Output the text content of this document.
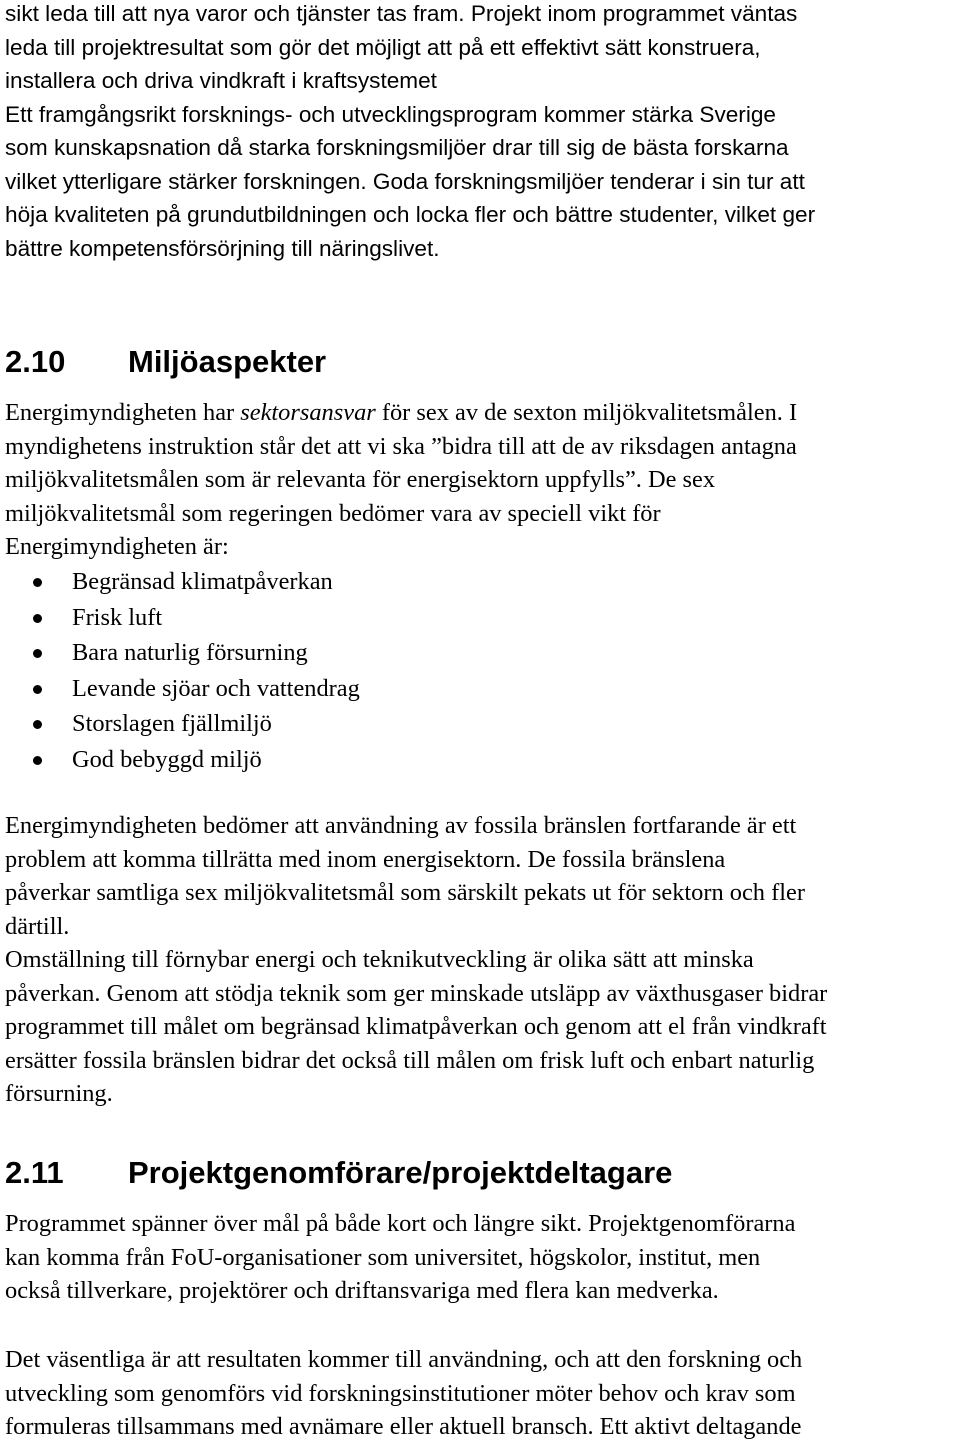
sikt leda till att nya varor och tjänster tas fram. Projekt inom programmet väntas
leda till projektresultat som gör det möjligt att på ett effektivt sätt konstruera,
installera och driva vindkraft i kraftsystemet
Ett framgångsrikt forsknings- och utvecklingsprogram kommer stärka Sverige
som kunskapsnation då starka forskningsmiljöer drar till sig de bästa forskarna
vilket ytterligare stärker forskningen. Goda forskningsmiljöer tenderar i sin tur att
höja kvaliteten på grundutbildningen och locka fler och bättre studenter, vilket ger
bättre kompetensförsörjning till näringslivet.
2.10 Miljöaspekter
Energimyndigheten har sektorsansvar för sex av de sexton miljökvalitetsmålen. I
myndighetens instruktion står det att vi ska ”bidra till att de av riksdagen antagna
miljökvalitetsmålen som är relevanta för energisektorn uppfylls”. De sex
miljökvalitetsmål som regeringen bedömer vara av speciell vikt för
Energimyndigheten är:
Begränsad klimatpåverkan
Frisk luft
Bara naturlig försurning
Levande sjöar och vattendrag
Storslagen fjällmiljö
God bebyggd miljö
Energimyndigheten bedömer att användning av fossila bränslen fortfarande är ett
problem att komma tillrätta med inom energisektorn. De fossila bränslena
påverkar samtliga sex miljökvalitetsmål som särskilt pekats ut för sektorn och fler
därtill.
Omställning till förnybar energi och teknikutveckling är olika sätt att minska
påverkan. Genom att stödja teknik som ger minskade utsläpp av växthusgaser bidrar
programmet till målet om begränsad klimatpåverkan och genom att el från vindkraft
ersätter fossila bränslen bidrar det också till målen om frisk luft och enbart naturlig
försurning.
2.11 Projektgenomförare/projektdeltagare
Programmet spänner över mål på både kort och längre sikt. Projektgenomförarna
kan komma från FoU-organisationer som universitet, högskolor, institut, men
också tillverkare, projektörer och driftansvariga med flera kan medverka.
Det väsentliga är att resultaten kommer till användning, och att den forskning och
utveckling som genomförs vid forskningsinstitutioner möter behov och krav som
formuleras tillsammans med avnämare eller aktuell bransch. Ett aktivt deltagande
